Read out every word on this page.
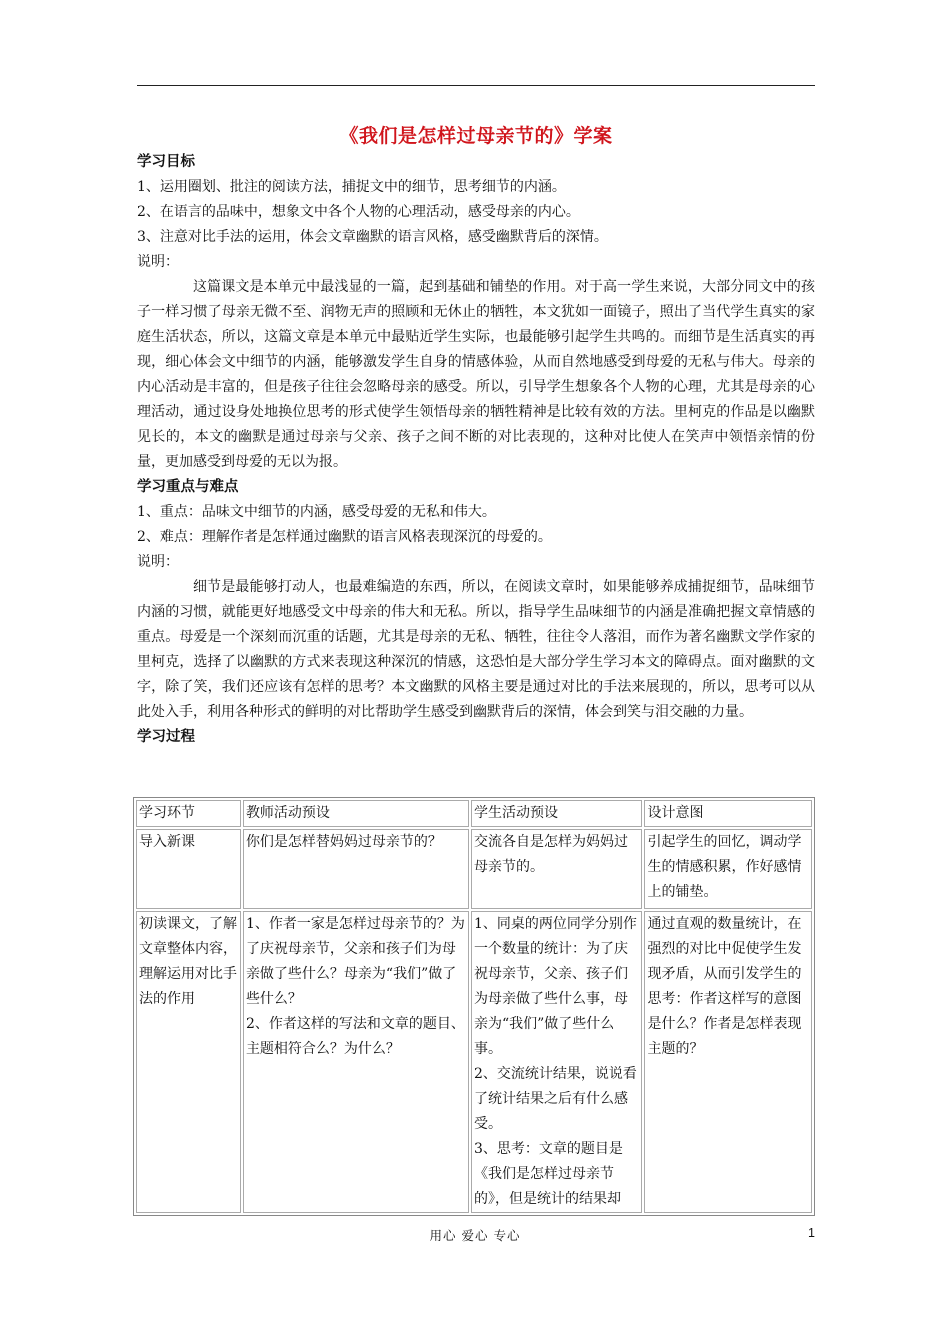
《我们是怎样过母亲节的》学案
学习目标
1、运用圈划、批注的阅读方法，捕捉文中的细节，思考细节的内涵。
2、在语言的品味中，想象文中各个人物的心理活动，感受母亲的内心。
3、注意对比手法的运用，体会文章幽默的语言风格，感受幽默背后的深情。
说明：
这篇课文是本单元中最浅显的一篇，起到基础和铺垫的作用。对于高一学生来说，大部分同文中的孩子一样习惯了母亲无微不至、润物无声的照顾和无休止的牺牲，本文犹如一面镜子，照出了当代学生真实的家庭生活状态，所以，这篇文章是本单元中最贴近学生实际，也最能够引起学生共鸣的。而细节是生活真实的再现，细心体会文中细节的内涵，能够激发学生自身的情感体验，从而自然地感受到母爱的无私与伟大。母亲的内心活动是丰富的，但是孩子往往会忽略母亲的感受。所以，引导学生想象各个人物的心理，尤其是母亲的心理活动，通过设身处地换位思考的形式使学生领悟母亲的牺牲精神是比较有效的方法。里柯克的作品是以幽默见长的，本文的幽默是通过母亲与父亲、孩子之间不断的对比表现的，这种对比使人在笑声中领悟亲情的份量，更加感受到母爱的无以为报。
学习重点与难点
1、重点：品味文中细节的内涵，感受母爱的无私和伟大。
2、难点：理解作者是怎样通过幽默的语言风格表现深沉的母爱的。
说明：
细节是最能够打动人，也最难编造的东西，所以，在阅读文章时，如果能够养成捕捉细节，品味细节内涵的习惯，就能更好地感受文中母亲的伟大和无私。所以，指导学生品味细节的内涵是准确把握文章情感的重点。母爱是一个深刻而沉重的话题，尤其是母亲的无私、牺牲，往往令人落泪，而作为著名幽默文学作家的里柯克，选择了以幽默的方式来表现这种深沉的情感，这恐怕是大部分学生学习本文的障碍点。面对幽默的文字，除了笑，我们还应该有怎样的思考？本文幽默的风格主要是通过对比的手法来展现的，所以，思考可以从此处入手，利用各种形式的鲜明的对比帮助学生感受到幽默背后的深情，体会到笑与泪交融的力量。
学习过程
学习环节	教师活动预设	学生活动预设	设计意图
导入新课	你们是怎样替妈妈过母亲节的？	交流各自是怎样为妈妈过母亲节的。	引起学生的回忆，调动学生的情感积累，作好感情上的铺垫。
初读课文，了解文章整体内容，理解运用对比手法的作用	1、作者一家是怎样过母亲节的？为了庆祝母亲节，父亲和孩子们为母亲做了些什么？母亲为“我们”做了些什么？
2、作者这样的写法和文章的题目、主题相符合么？为什么？	1、同桌的两位同学分别作一个数量的统计：为了庆祝母亲节，父亲、孩子们为母亲做了些什么事，母亲为“我们”做了些什么事。
2、交流统计结果，说说看了统计结果之后有什么感受。
3、思考：文章的题目是《我们是怎样过母亲节的》，但是统计的结果却	通过直观的数量统计，在强烈的对比中促使学生发现矛盾，从而引发学生的思考：作者这样写的意图是什么？作者是怎样表现主题的？
用心 爱心 专心	1
